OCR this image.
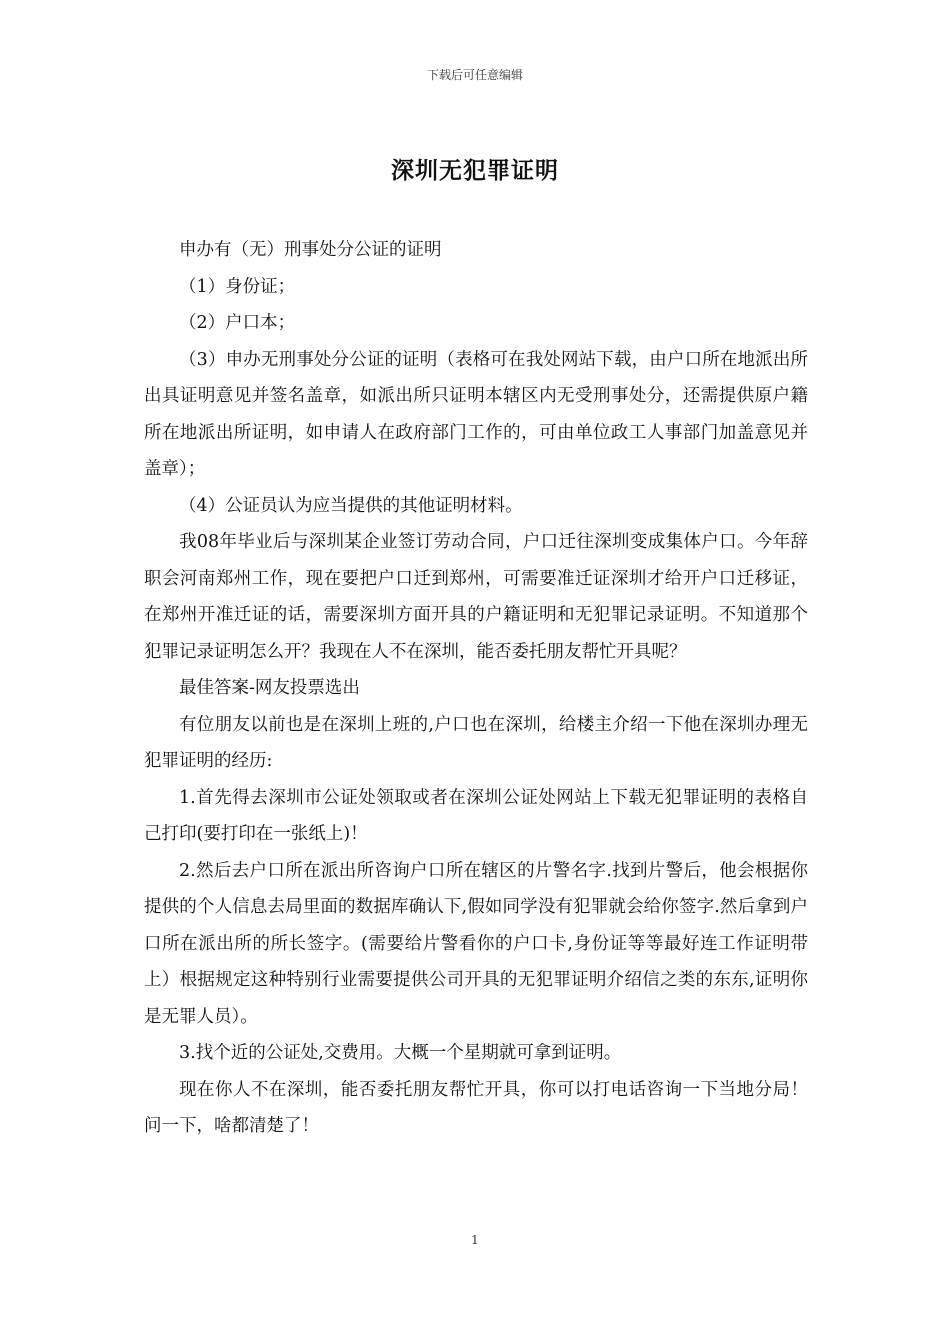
下载后可任意编辑
深圳无犯罪证明

申办有（无）刑事处分公证的证明

（1）身份证；

（2）户口本；

（3）申办无刑事处分公证的证明（表格可在我处网站下载，由户口所在地派出所出具证明意见并签名盖章，如派出所只证明本辖区内无受刑事处分，还需提供原户籍所在地派出所证明，如申请人在政府部门工作的，可由单位政工人事部门加盖意见并盖章）；

（4）公证员认为应当提供的其他证明材料。

我08年毕业后与深圳某企业签订劳动合同，户口迁往深圳变成集体户口。今年辞职会河南郑州工作，现在要把户口迁到郑州，可需要准迁证深圳才给开户口迁移证，在郑州开准迁证的话，需要深圳方面开具的户籍证明和无犯罪记录证明。不知道那个犯罪记录证明怎么开？我现在人不在深圳，能否委托朋友帮忙开具呢？

最佳答案-网友投票选出

有位朋友以前也是在深圳上班的,户口也在深圳，给楼主介绍一下他在深圳办理无犯罪证明的经历:

1.首先得去深圳市公证处领取或者在深圳公证处网站上下载无犯罪证明的表格自己打印(要打印在一张纸上)！

2.然后去户口所在派出所咨询户口所在辖区的片警名字.找到片警后，他会根据你提供的个人信息去局里面的数据库确认下,假如同学没有犯罪就会给你签字.然后拿到户口所在派出所的所长签字。(需要给片警看你的户口卡,身份证等等最好连工作证明带上）根据规定这种特别行业需要提供公司开具的无犯罪证明介绍信之类的东东,证明你是无罪人员）。

3.找个近的公证处,交费用。大概一个星期就可拿到证明。

现在你人不在深圳，能否委托朋友帮忙开具，你可以打电话咨询一下当地分局！问一下，啥都清楚了！

1
